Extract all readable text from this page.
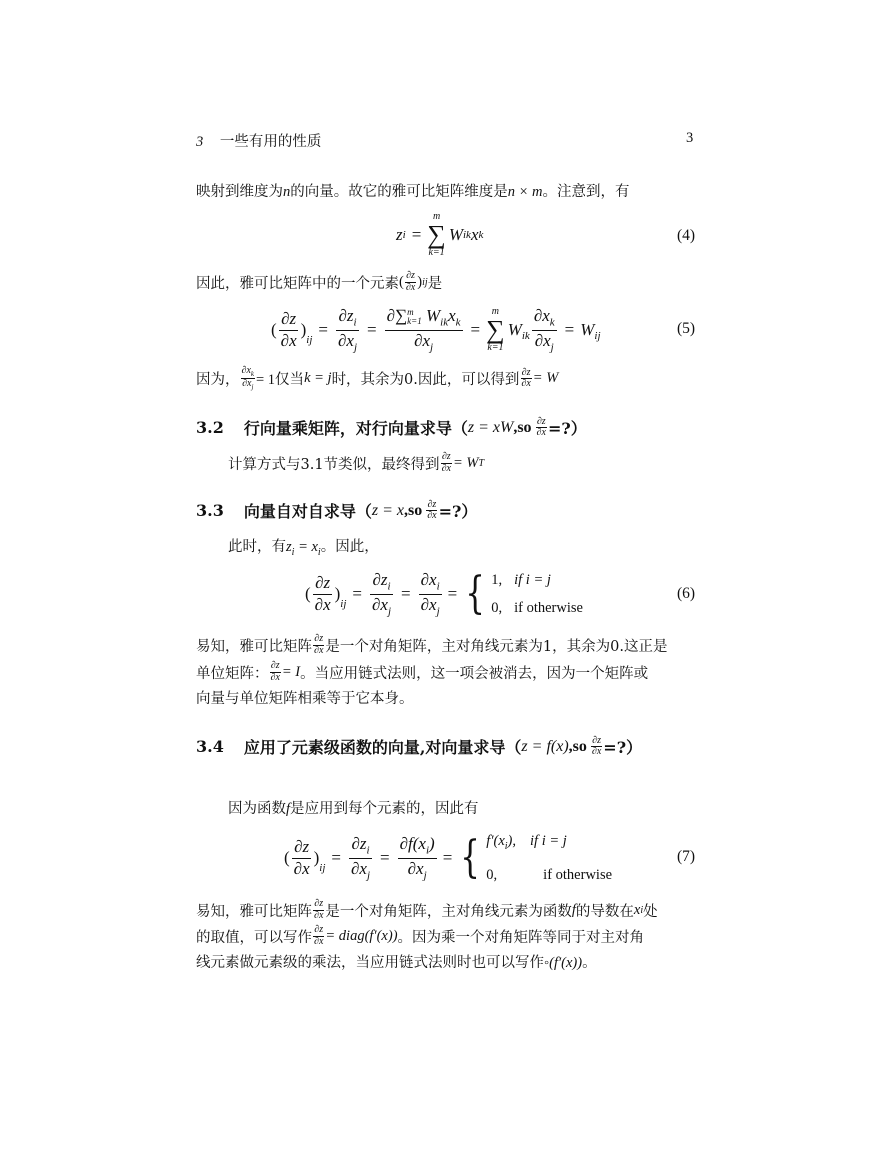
3 一些有用的性质	3
映射到维度为n的向量。故它的雅可比矩阵维度是n × m。注意到，有
z i =
m
∑
k=1
W ik x k	(4)
因此，雅可比矩阵中的一个元素 ( $\frac{\partial z}{\partial x}$ ) ij 是
( $\frac{\partial z}{\partial x}$ )
$_{ij}$
= $\frac{\partial z_i}{\partial x_j}$ = ∂∑ m
k=1 $W_{ik}x_k$
$\partial x_j$ =
m
∑
k=1
$W_{ik} \frac{\partial x_k}{\partial x_j} = W_{ij}$	(5)
因为， $\frac{\partial x_k}{\partial x_j} = 1$仅当 k = j 时，其余为0.因此，可以得到 $\frac{\partial z}{\partial x} = W$
3.2 行向量乘矩阵，对行向量求导（ z = xW $,so \frac{\partial z}{\partial x}$ =?）
计算方式与3.1节类似，最终得到 $\frac{\partial z}{\partial x} = W$ T
3.3 向量自对自求导（ z = x $,so \frac{\partial z}{\partial x}$ =?）
此时，有$z_i = x_i$。因此，
( $\frac{\partial z}{\partial x}$ )
$_{ij}$
= $\frac{\partial z_i}{\partial x_j} = \frac{\partial x_i}{\partial x_j}$ = { 1, if i = j
0, if otherwise
(6)
易知，雅可比矩阵 $\frac{\partial z}{\partial x}$ 是一个对角矩阵，主对角线元素为1，其余为0.这正是
单位矩阵： $\frac{\partial z}{\partial x} = I$ 。当应用链式法则，这一项会被消去，因为一个矩阵或
向量与单位矩阵相乘等于它本身。
3.4 应用了元素级函数的向量,对向量求导（ z = f(x) $,so \frac{\partial z}{\partial x}$ =?）
因为函数f是应用到每个元素的，因此有
( $\frac{\partial z}{\partial x}$ )
$_{ij}$
= $\frac{\partial z_i}{\partial x_j} = \frac{\partial f(x_i)}{\partial x_j}$ = { $f'(x_i)$, if i = j
0,	if otherwise
(7)
易知，雅可比矩阵 $\frac{\partial z}{\partial x}$ 是一个对角矩阵，主对角线元素为函数 f 的导数在 x i 处
的取值，可以写作 $\frac{\partial z}{\partial x}$ = diag(f′(x)) 。因为乘一个对角矩阵等同于对主对角
线元素做元素级的乘法，当应用链式法则时也可以写作◦(f′(x))。
